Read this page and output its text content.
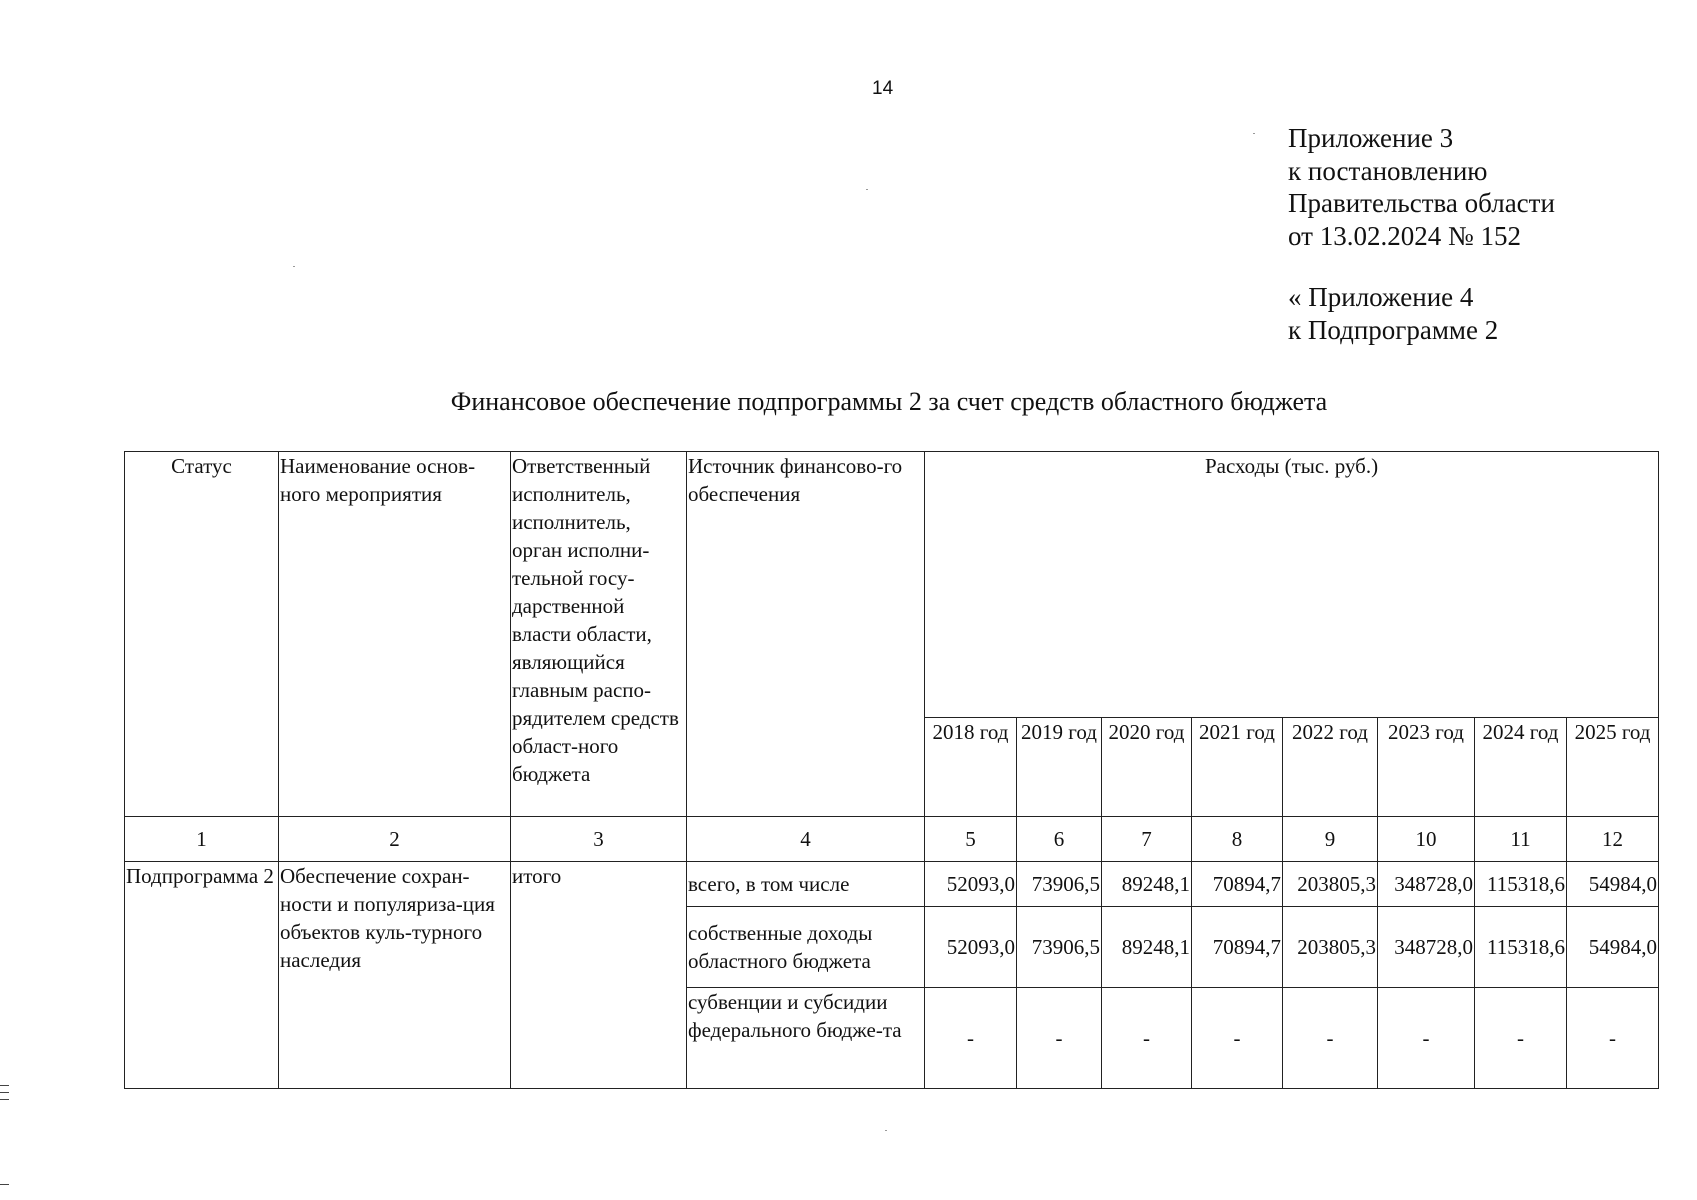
14
Приложение 3
к постановлению
Правительства области
от 13.02.2024 № 152
« Приложение 4
к Подпрограмме 2
Финансовое обеспечение подпрограммы 2 за счет средств областного бюджета
Статус	Наименование основ-ного мероприятия	Ответственный исполнитель, исполнитель, орган исполни-тельной госу-дарственной власти области, являющийся главным распо-рядителем средств област-ного бюджета	Источник финансово-го обеспечения	Расходы (тыс. руб.)							
				2018 год	2019 год	2020 год	2021 год	2022 год	2023 год	2024 год	2025 год
1	2	3	4	5	6	7	8	9	10	11	12
Подпрограмма 2	Обеспечение сохран-ности и популяриза-ция объектов куль-турного наследия	итого	всего, в том числе	52093,0	73906,5	89248,1	70894,7	203805,3	348728,0	115318,6	54984,0
			собственные доходы областного бюджета	52093,0	73906,5	89248,1	70894,7	203805,3	348728,0	115318,6	54984,0
			субвенции и субсидии федерального бюдже-та	-	-	-	-	-	-	-	-
